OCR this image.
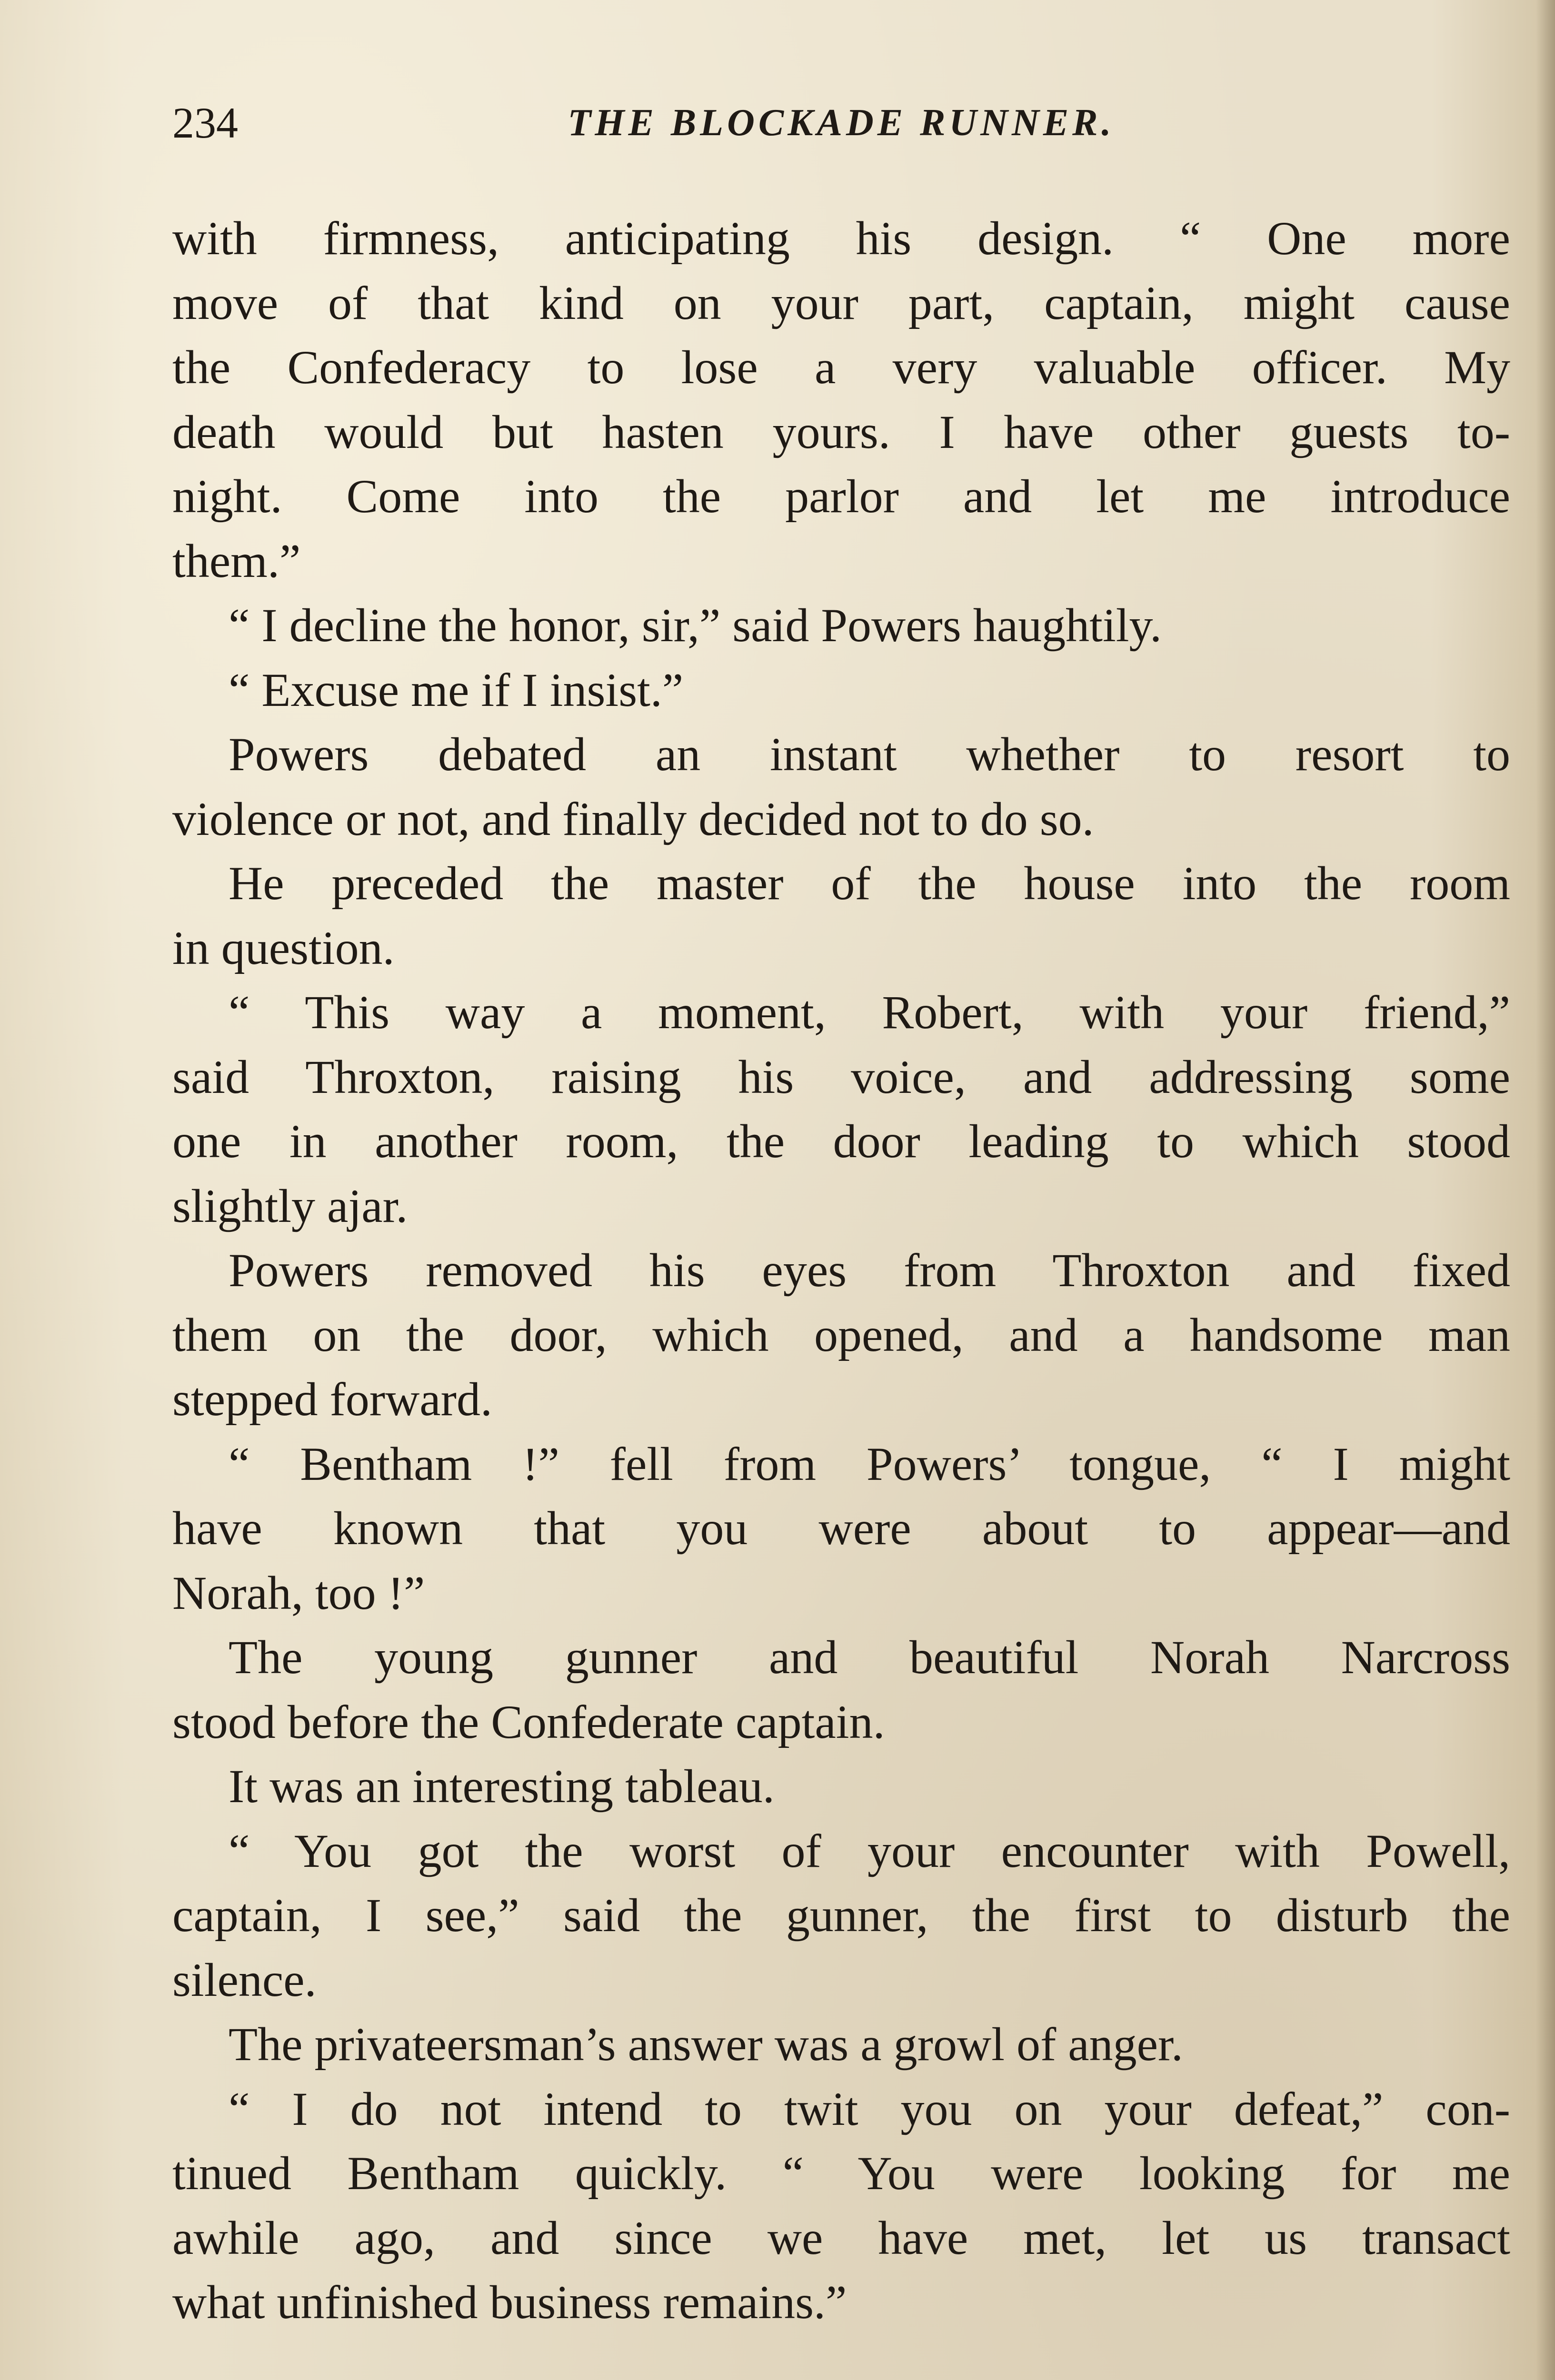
234	THE BLOCKADE RUNNER.
with firmness, anticipating his design. “ One more
move of that kind on your part, captain, might cause
the Confederacy to lose a very valuable officer. My
death would but hasten yours. I have other guests to-
night. Come into the parlor and let me introduce
them.”
“ I decline the honor, sir,” said Powers haughtily.
“ Excuse me if I insist.”
Powers debated an instant whether to resort to
violence or not, and finally decided not to do so.
He preceded the master of the house into the room
in question.
“ This way a moment, Robert, with your friend,”
said Throxton, raising his voice, and addressing some
one in another room, the door leading to which stood
slightly ajar.
Powers removed his eyes from Throxton and fixed
them on the door, which opened, and a handsome man
stepped forward.
“ Bentham !” fell from Powers’ tongue, “ I might
have known that you were about to appear—and
Norah, too !”
The young gunner and beautiful Norah Narcross
stood before the Confederate captain.
It was an interesting tableau.
“ You got the worst of your encounter with Powell,
captain, I see,” said the gunner, the first to disturb the
silence.
The privateersman’s answer was a growl of anger.
“ I do not intend to twit you on your defeat,” con-
tinued Bentham quickly. “ You were looking for me
awhile ago, and since we have met, let us transact
what unfinished business remains.”
